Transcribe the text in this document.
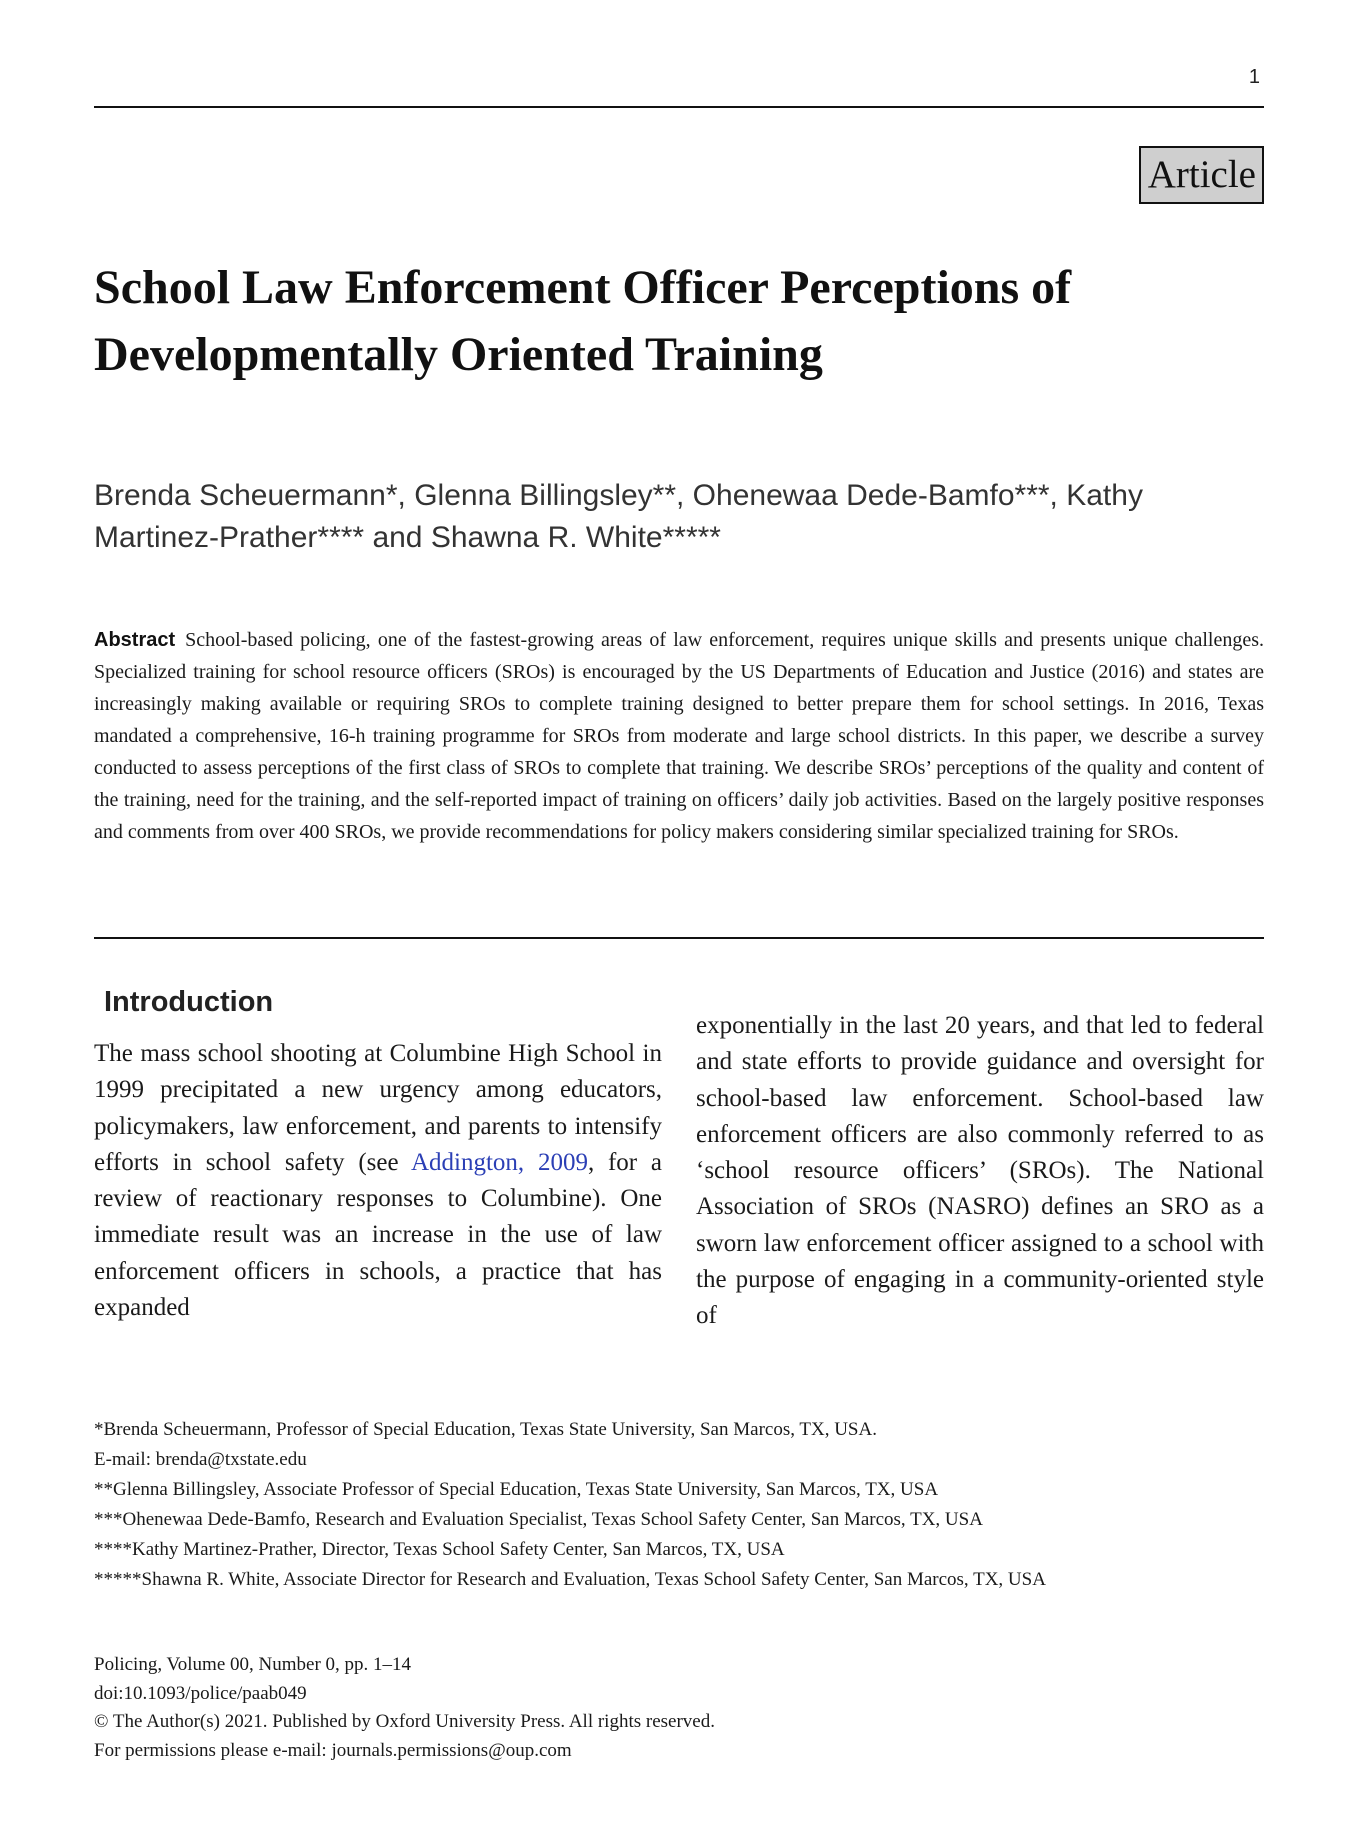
1
Article
School Law Enforcement Officer Perceptions of Developmentally Oriented Training
Brenda Scheuermann*, Glenna Billingsley**, Ohenewaa Dede-Bamfo***, Kathy Martinez-Prather**** and Shawna R. White*****
Abstract School-based policing, one of the fastest-growing areas of law enforcement, requires unique skills and presents unique challenges. Specialized training for school resource officers (SROs) is encouraged by the US Departments of Education and Justice (2016) and states are increasingly making available or requiring SROs to complete training designed to better prepare them for school settings. In 2016, Texas mandated a comprehensive, 16-h training programme for SROs from moderate and large school districts. In this paper, we describe a survey conducted to assess perceptions of the first class of SROs to complete that training. We describe SROs’ perceptions of the quality and content of the training, need for the training, and the self-reported impact of training on officers’ daily job activities. Based on the largely positive responses and comments from over 400 SROs, we provide recommendations for policy makers considering similar specialized training for SROs.
Introduction

The mass school shooting at Columbine High School in 1999 precipitated a new urgency among educators, policymakers, law enforcement, and parents to intensify efforts in school safety (see Addington, 2009, for a review of reactionary responses to Columbine). One immediate result was an increase in the use of law enforcement officers in schools, a practice that has expanded

exponentially in the last 20 years, and that led to federal and state efforts to provide guidance and oversight for school-based law enforcement. School-based law enforcement officers are also commonly referred to as ‘school resource officers’ (SROs). The National Association of SROs (NASRO) defines an SRO as a sworn law enforcement officer assigned to a school with the purpose of engaging in a community-oriented style of

*Brenda Scheuermann, Professor of Special Education, Texas State University, San Marcos, TX, USA.
E-mail: brenda@txstate.edu
**Glenna Billingsley, Associate Professor of Special Education, Texas State University, San Marcos, TX, USA
***Ohenewaa Dede-Bamfo, Research and Evaluation Specialist, Texas School Safety Center, San Marcos, TX, USA
****Kathy Martinez-Prather, Director, Texas School Safety Center, San Marcos, TX, USA
*****Shawna R. White, Associate Director for Research and Evaluation, Texas School Safety Center, San Marcos, TX, USA
Policing, Volume 00, Number 0, pp. 1–14
doi:10.1093/police/paab049
© The Author(s) 2021. Published by Oxford University Press. All rights reserved.
For permissions please e-mail: journals.permissions@oup.com
